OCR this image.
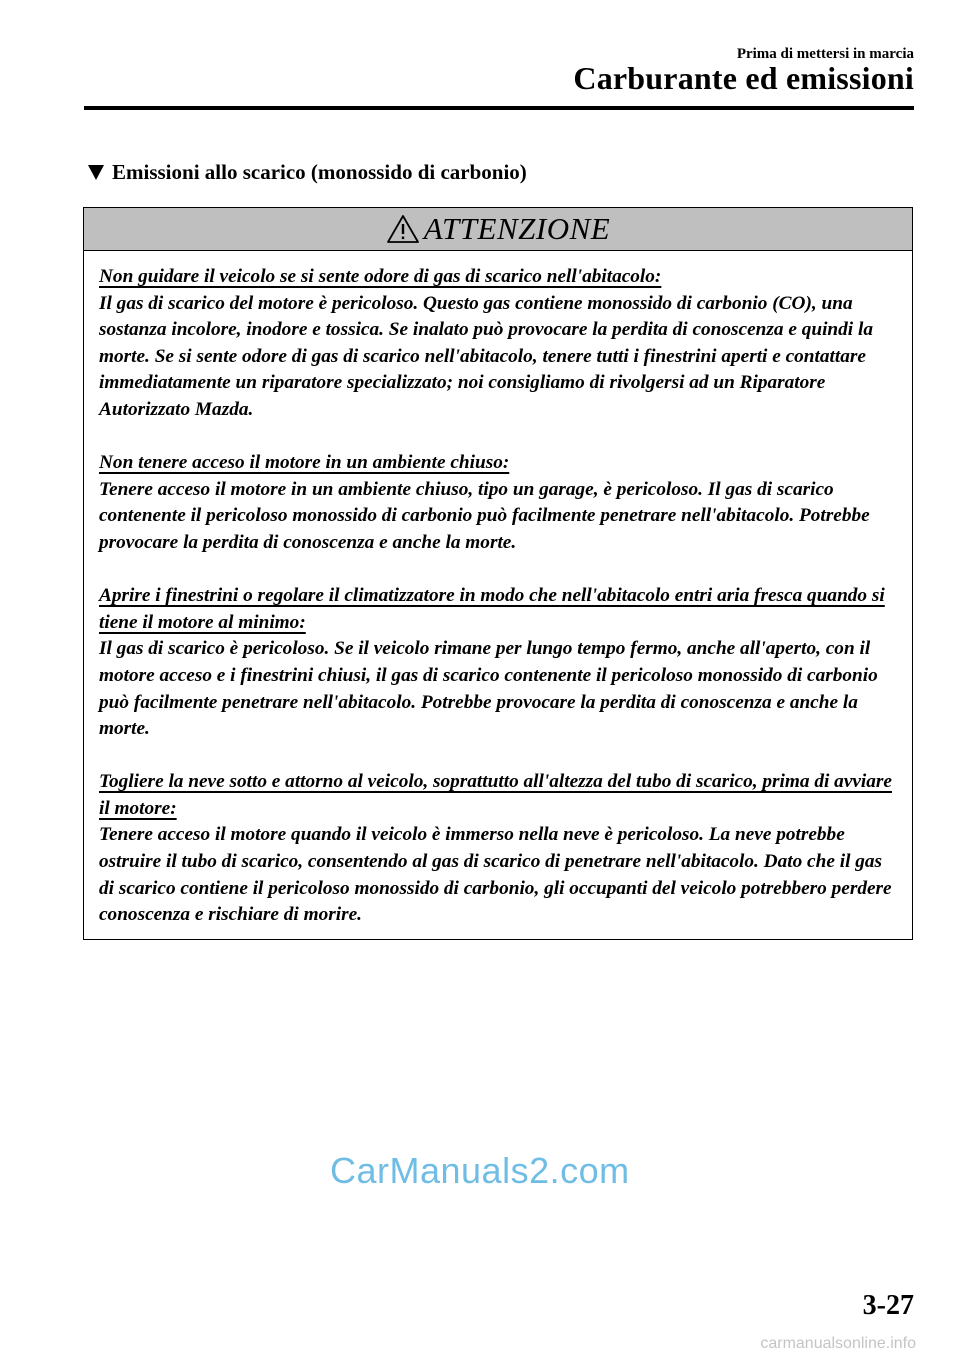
Prima di mettersi in marcia
Carburante ed emissioni
Emissioni allo scarico (monossido di carbonio)
ATTENZIONE

Non guidare il veicolo se si sente odore di gas di scarico nell'abitacolo:
Il gas di scarico del motore è pericoloso. Questo gas contiene monossido di carbonio (CO), una sostanza incolore, inodore e tossica. Se inalato può provocare la perdita di conoscenza e quindi la morte. Se si sente odore di gas di scarico nell'abitacolo, tenere tutti i finestrini aperti e contattare immediatamente un riparatore specializzato; noi consigliamo di rivolgersi ad un Riparatore Autorizzato Mazda.

Non tenere acceso il motore in un ambiente chiuso:
Tenere acceso il motore in un ambiente chiuso, tipo un garage, è pericoloso. Il gas di scarico contenente il pericoloso monossido di carbonio può facilmente penetrare nell'abitacolo. Potrebbe provocare la perdita di conoscenza e anche la morte.

Aprire i finestrini o regolare il climatizzatore in modo che nell'abitacolo entri aria fresca quando si tiene il motore al minimo:
Il gas di scarico è pericoloso. Se il veicolo rimane per lungo tempo fermo, anche all'aperto, con il motore acceso e i finestrini chiusi, il gas di scarico contenente il pericoloso monossido di carbonio può facilmente penetrare nell'abitacolo. Potrebbe provocare la perdita di conoscenza e anche la morte.

Togliere la neve sotto e attorno al veicolo, soprattutto all'altezza del tubo di scarico, prima di avviare il motore:
Tenere acceso il motore quando il veicolo è immerso nella neve è pericoloso. La neve potrebbe ostruire il tubo di scarico, consentendo al gas di scarico di penetrare nell'abitacolo. Dato che il gas di scarico contiene il pericoloso monossido di carbonio, gli occupanti del veicolo potrebbero perdere conoscenza e rischiare di morire.

CarManuals2.com
3-27
carmanualsonline.info
